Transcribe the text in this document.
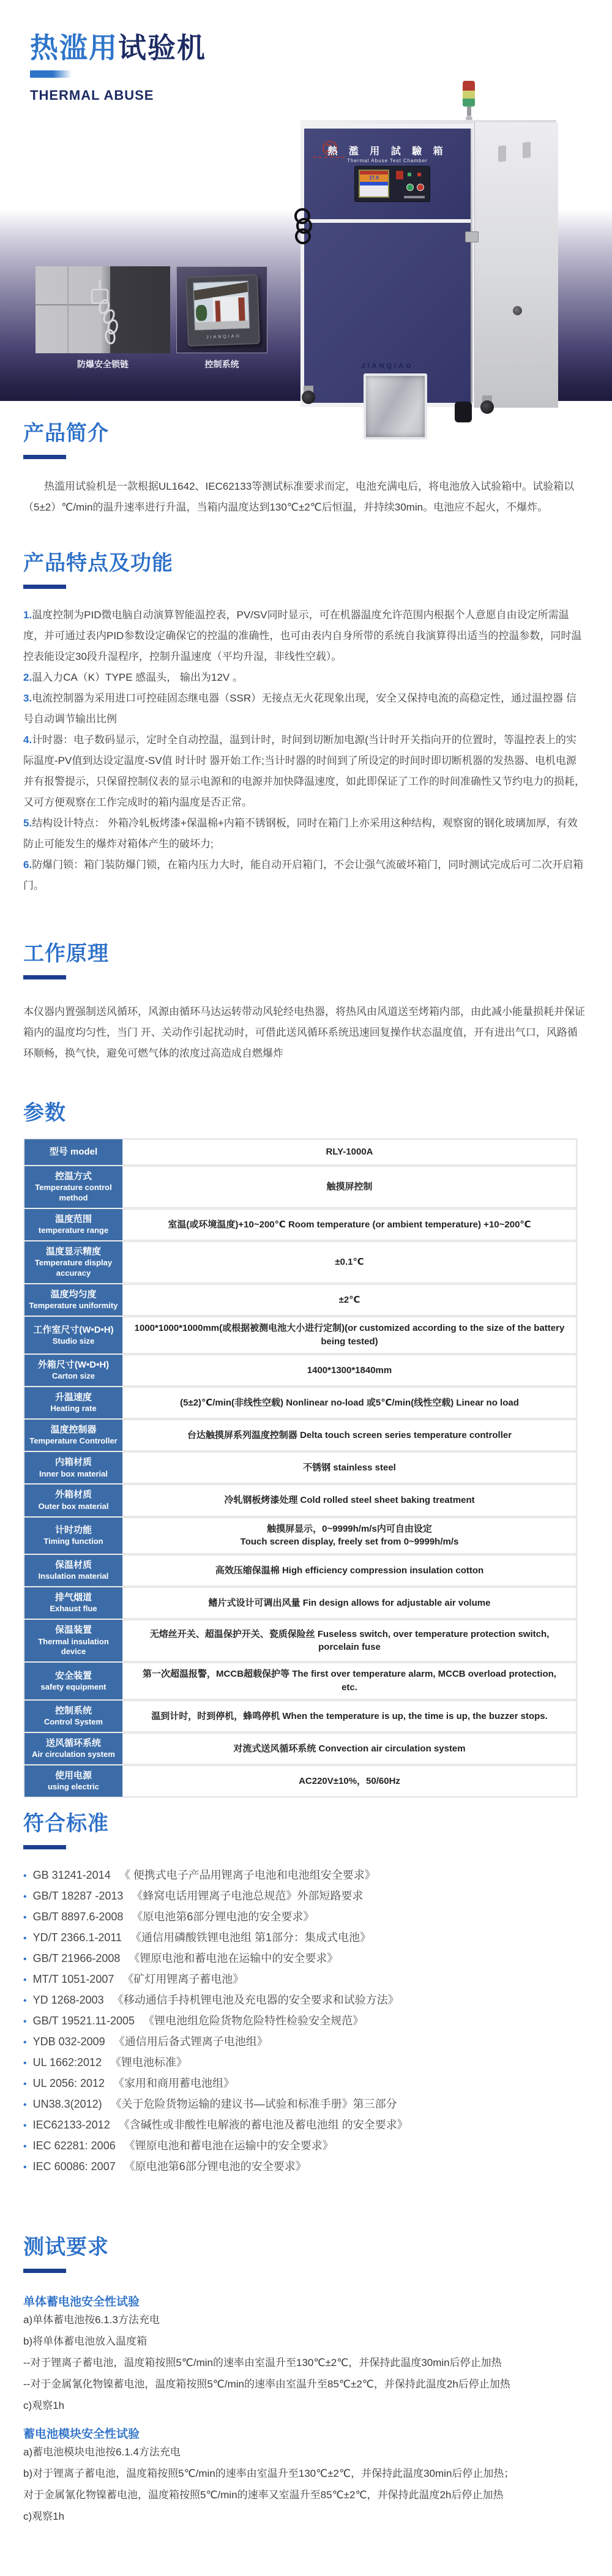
热滥用试验机
THERMAL ABUSE
熱 濫 用 試 驗 箱
Thermal Abuse Test Chamber
27.0
JIANQIAO
JIANQIAO
防爆安全锁链	控制系统
产品简介

热滥用试验机是一款根据UL1642、IEC62133等测试标准要求而定，电池充满电后，将电池放入试验箱中。试验箱以（5±2）℃/min的温升速率进行升温，当箱内温度达到130℃±2℃后恒温，并持续30min。电池应不起火，不爆炸。

产品特点及功能
1.温度控制为PID微电脑自动演算智能温控表，PV/SV同时显示，可在机器温度允许范围内根据个人意愿自由设定所需温度，并可通过表内PID参数设定确保它的控温的准确性，也可由表内自身所带的系统自我演算得出适当的控温参数，同时温控表能设定30段升湿程序，控制升温速度（平均升湿，非线性空载）。
2.温入力CA（K）TYPE 感温头， 输出为12V 。
3.电流控制器为采用进口可控硅固态继电器（SSR）无接点无火花现象出现，安全又保持电流的高稳定性，通过温控器 信号自动调节输出比例
4.计时器：电子数码显示，定时全自动控温，温到计时，时间到切断加电源(当计时开关指向开的位置时，等温控表上的实际温度-PV值到达设定温度-SV值 时计时 器开始工作;当计时器的时间到了所设定的时间时即切断机器的发热器、电机电源并有报警提示，只保留控制仪表的显示电源和的电源并加快降温速度，如此即保证了工作的时间准确性又节约电力的损耗，又可方便观察在工作完成时的箱内温度是否正常。
5.结构设计特点： 外箱冷轧板烤漆+保温棉+内箱不锈钢板，同时在箱门上亦采用这种结构，观察窗的钢化玻璃加厚，有效防止可能发生的爆炸对箱体产生的破坏力;
6.防爆门锁：箱门装防爆门锁，在箱内压力大时，能自动开启箱门，不会让强气流破坏箱门，同时测试完成后可二次开启箱门。
工作原理

本仪器内置强制送风循环，风源由循环马达运转带动风轮经电热器，将热风由风道送至烤箱内部，由此减小能量损耗并保证箱内的温度均匀性，当门 开、关动作引起扰动时，可借此送风循环系统迅速回复操作状态温度值，开有进出气口，风路循环顺畅，换气快，避免可燃气体的浓度过高造成自燃爆炸

参数
型号 model	RLY-1000A
控温方式
Temperature control method
触摸屏控制
温度范围
temperature range
室温(或环境温度)+10~200℃ Room temperature (or ambient temperature) +10~200℃
温度显示精度
Temperature display accuracy
±0.1℃
温度均匀度
Temperature uniformity
±2℃
工作室尺寸(W•D•H)
Studio size
1000*1000*1000mm(或根据被测电池大小进行定制)(or customized according to the size of the battery being tested)
外箱尺寸(W•D•H)
Carton size
1400*1300*1840mm
升温速度
Heating rate
(5±2)℃/min(非线性空载) Nonlinear no-load 或5℃/min(线性空载) Linear no load
温度控制器
Temperature Controller
台达触摸屏系列温度控制器 Delta touch screen series temperature controller
内箱材质
Inner box material
不锈钢 stainless steel
外箱材质
Outer box material
冷轧钢板烤漆处理 Cold rolled steel sheet baking treatment
计时功能
Timing function
触摸屏显示，0~9999h/m/s内可自由设定
Touch screen display, freely set from 0~9999h/m/s
保温材质
Insulation material
高效压缩保温棉 High efficiency compression insulation cotton
排气烟道
Exhaust flue
鳍片式设计可调出风量 Fin design allows for adjustable air volume
保温装置
Thermal insulation device
无熔丝开关、超温保护开关、瓷质保险丝 Fuseless switch, over temperature protection switch, porcelain fuse
安全装置
safety equipment
第一次超温报警，MCCB超载保护等 The first over temperature alarm, MCCB overload protection, etc.
控制系统
Control System
温到计时，时到停机，蜂鸣停机 When the temperature is up, the time is up, the buzzer stops.
送风循环系统
Air circulation system
对流式送风循环系统 Convection air circulation system
使用电源
using electric
AC220V±10%，50/60Hz
符合标准
• GB 31241-2014 《 便携式电子产品用锂离子电池和电池组安全要求》
• GB/T 18287 -2013 《蜂窝电话用锂离子电池总规范》外部短路要求
• GB/T 8897.6-2008 《原电池第6部分锂电池的安全要求》
• YD/T 2366.1-2011 《通信用磷酸铁锂电池组 第1部分：集成式电池》
• GB/T 21966-2008 《锂原电池和蓄电池在运输中的安全要求》
• MT/T 1051-2007 《矿灯用锂离子蓄电池》
• YD 1268-2003 《移动通信手持机锂电池及充电器的安全要求和试验方法》
• GB/T 19521.11-2005 《锂电池组危险货物危险特性检验安全规范》
• YDB 032-2009 《通信用后备式锂离子电池组》
• UL 1662:2012 《锂电池标准》
• UL 2056: 2012 《家用和商用蓄电池组》
• UN38.3(2012) 《关于危险货物运输的建议书—试验和标准手册》第三部分
• IEC62133-2012 《含碱性或非酸性电解液的蓄电池及蓄电池组 的安全要求》
• IEC 62281: 2006 《锂原电池和蓄电池在运输中的安全要求》
• IEC 60086: 2007 《原电池第6部分锂电池的安全要求》
测试要求
单体蓄电池安全性试验
a)单体蓄电池按6.1.3方法充电
b)将单体蓄电池放入温度箱
--对于锂离子蓄电池，温度箱按照5℃/min的速率由室温升至130℃±2℃，并保持此温度30min后停止加热
--对于金属氰化物镍蓄电池，温度箱按照5℃/min的速率由室温升至85℃±2℃，并保持此温度2h后停止加热
c)观察1h
蓄电池模块安全性试验
a)蓄电池模块电池按6.1.4方法充电
b)对于锂离子蓄电池，温度箱按照5℃/min的速率由室温升至130℃±2℃，并保持此温度30min后停止加热；
对于金属氰化物镍蓄电池，温度箱按照5℃/min的速率又室温升至85℃±2℃，并保持此温度2h后停止加热
c)观察1h
